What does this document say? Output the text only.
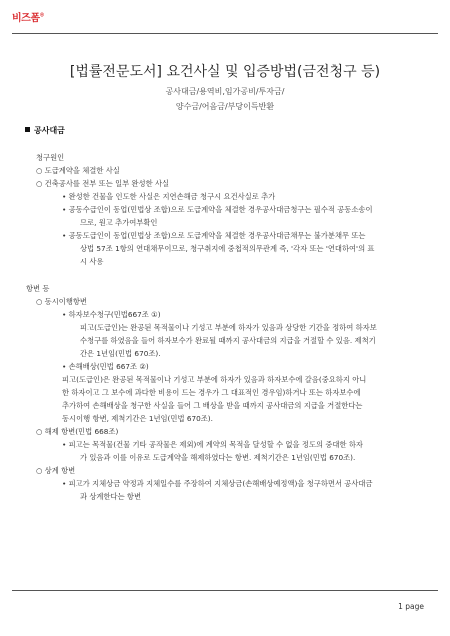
비즈폼®
[법률전문도서] 요건사실 및 입증방법(금전청구 등)
공사대금/용역비,임가공비/투자금/
양수금/어음금/부당이득반환
공사대금

청구원인

○ 도급계약을 체결한 사실

○ 건축공사를 전부 또는 일부 완성한 사실

• 완성한 건물을 인도한 사실은 지연손해금 청구시 요건사실로 추가

• 공동수급인이 동업(민법상 조합)으로 도급계약을 체결한 경우공사대금청구는 필수적 공동소송이

므로, 원고 추가여부확인

• 공동도급인이 동업(민법상 조합)으로 도급계약을 체결한 경우공사대금채무는 불가분채무 또는

상법 57조 1항의 연대채무이므로, 청구취지에 중첩적의무관계 즉, '각자 또는 '연대하여'의 표

시 사용

항변 등

○ 동시이행항변

• 하자보수청구(민법667조 ①)

피고(도급인)는 완공된 목적물이나 기성고 부분에 하자가 있음과 상당한 기간을 정하여 하자보

수청구를 하였음을 들어 하자보수가 완료될 때까지 공사대금의 지급을 거절할 수 있음. 제척기

간은 1년임(민법 670조).

• 손해배상(민법 667조 ②)

피고(도급인)은 완공된 목적물이나 기성고 부분에 하자가 있음과 하자보수에 갈음(중요하지 아니

한 하자이고 그 보수에 과다한 비용이 드는 경우가 그 대표적인 경우임)하거나 또는 하자보수에

추가하여 손해배상을 청구한 사실을 들어 그 배상을 받을 때까지 공사대금의 지급을 거절한다는

동시이행 항변, 제척기간은 1년임(민법 670조).

○ 해제 항변(민법 668조)

• 피고는 목적물(건물 기타 공작물은 제외)에 계약의 목적을 달성할 수 없을 정도의 중대한 하자

가 있음과 이를 이유로 도급계약을 해제하였다는 항변. 제척기간은 1년임(민법 670조).

○ 상계 항변

• 피고가 지체상금 약정과 지체일수를 주장하여 지체상금(손해배상예정액)을 청구하면서 공사대금

과 상계한다는 항변

1 page
